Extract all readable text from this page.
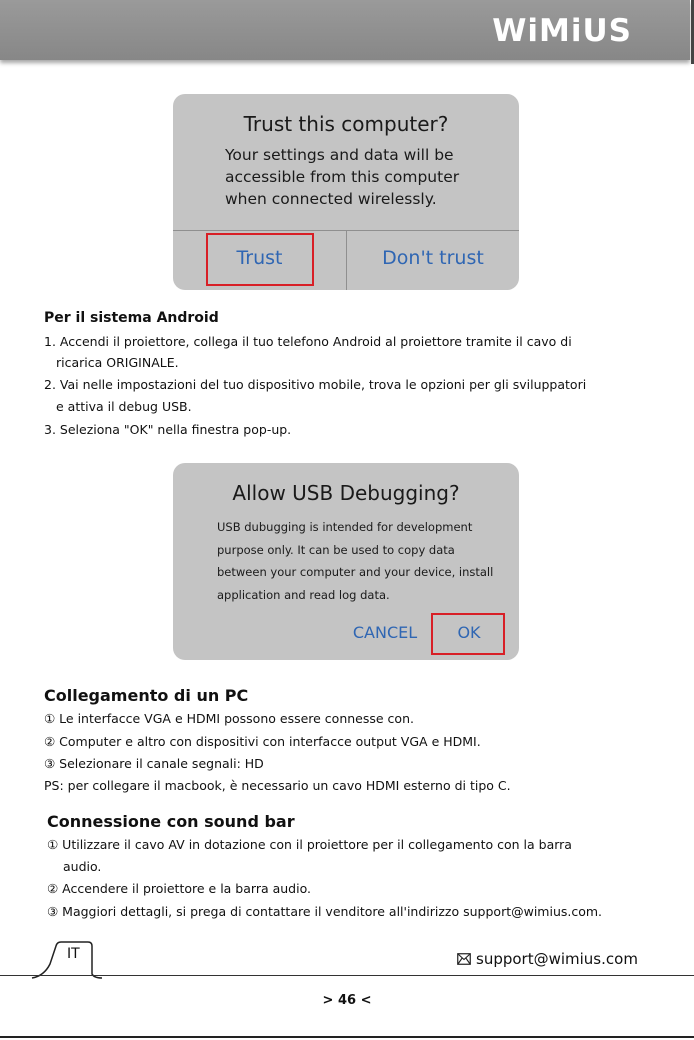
WiMiUS
Trust this computer?

Your settings and data will be accessible from this computer when connected wirelessly.

Trust	Don't trust

Per il sistema Android

1. Accendi il proiettore, collega il tuo telefono Android al proiettore tramite il cavo di

ricarica ORIGINALE.

2. Vai nelle impostazioni del tuo dispositivo mobile, trova le opzioni per gli sviluppatori

e attiva il debug USB.

3. Seleziona "OK" nella finestra pop-up.

Allow USB Debugging?

USB dubugging is intended for development purpose only. It can be used to copy data between your computer and your device, install application and read log data.

CANCEL	OK

Collegamento di un PC

① Le interfacce VGA e HDMI possono essere connesse con.

② Computer e altro con dispositivi con interfacce output VGA e HDMI.

③ Selezionare il canale segnali: HD

PS: per collegare il macbook, è necessario un cavo HDMI esterno di tipo C.

Connessione con sound bar

① Utilizzare il cavo AV in dotazione con il proiettore per il collegamento con la barra

audio.

② Accendere il proiettore e la barra audio.

③ Maggiori dettagli, si prega di contattare il venditore all'indirizzo support@wimius.com.

IT	support@wimius.com
> 46 <
